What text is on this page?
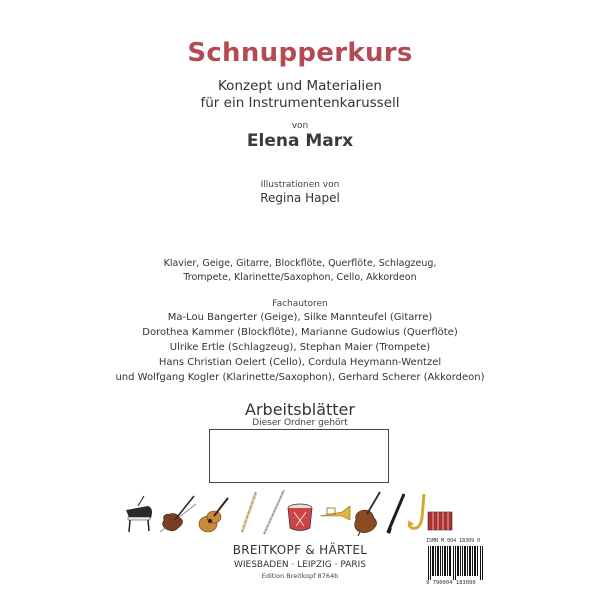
Schnupperkurs
Konzept und Materialien
für ein Instrumentenkarussell
von
Elena Marx
Illustrationen von
Regina Hapel
Klavier, Geige, Gitarre, Blockflöte, Querflöte, Schlagzeug,
Trompete, Klarinette/Saxophon, Cello, Akkordeon
Fachautoren
Ma-Lou Bangerter (Geige), Silke Mannteufel (Gitarre)
Dorothea Kammer (Blockflöte), Marianne Gudowius (Querflöte)
Ulrike Ertle (Schlagzeug), Stephan Maier (Trompete)
Hans Christian Oelert (Cello), Cordula Heymann-Wentzel
und Wolfgang Kogler (Klarinette/Saxophon), Gerhard Scherer (Akkordeon)
Arbeitsblätter
Dieser Ordner gehört
BREITKOPF & HÄRTEL
WIESBADEN · LEIPZIG · PARIS
Edition Breitkopf 8764b
ISMN M 004 18309 0
9 790004 183090
